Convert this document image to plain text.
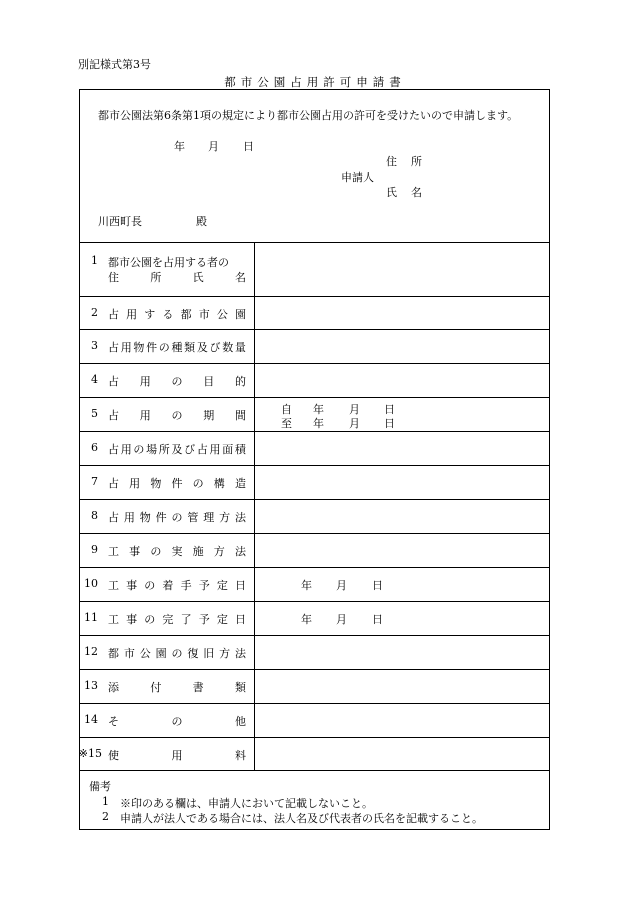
別記様式第3号
都市公園占用許可申請書
都市公園法第6条第1項の規定により都市公園占用の許可を受けたいので申請します。
年 月 日
住 所
申請人
氏 名
川西町長	殿
1 都市公園を占用する者の
住	所	氏	名
2 占 用 す る 都 市 公 園
3 占 用 物 件 の 種 類 及 び 数 量
4 占 用 の 目 的
5 占 用 の 期 間	自 年 月 日
至 年 月 日
6 占 用 の 場 所 及 び 占 用 面 積
7 占 用 物 件 の 構 造
8 占 用 物 件 の 管 理 方 法
9 工 事 の 実 施 方 法
10 工 事 の 着 手 予 定 日	年 月 日
11 工 事 の 完 了 予 定 日	年 月 日
12 都 市 公 園 の 復 旧 方 法
13 添	付	書	類
14 そ	の	他
※15 使	用	料
備考
1 ※印のある欄は、申請人において記載しないこと。
2 申請人が法人である場合には、法人名及び代表者の氏名を記載すること。
